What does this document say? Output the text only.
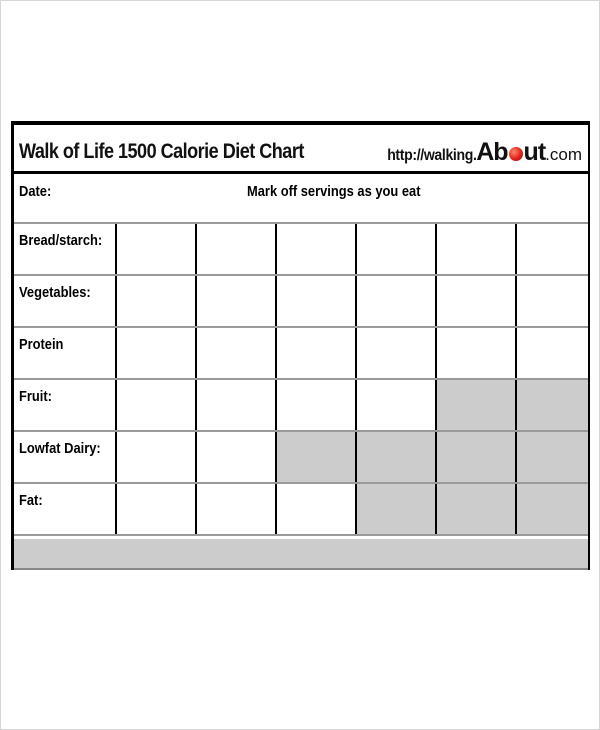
Walk of Life 1500 Calorie Diet Chart	http://walking.Ab ut.com
Date:	Mark off servings as you eat
Bread/starch:
Vegetables:
Protein
Fruit:
Lowfat Dairy:
Fat:
